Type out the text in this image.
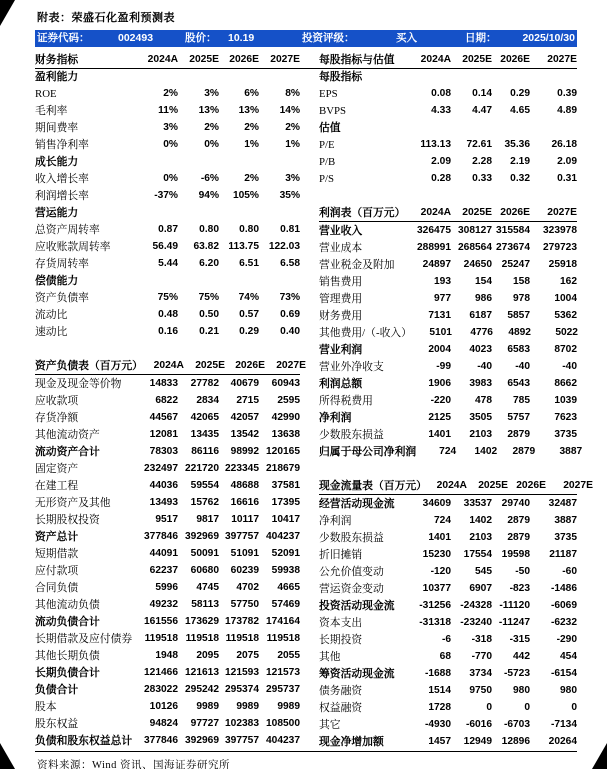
附表：荣盛石化盈利预测表
证券代码：	002493	股价： 10.19	投资评级：	买入	日期： 2025/10/30
财务指标	2024A	2025E 2026E	2027E
盈利能力
ROE	2%	3%	6%	8%
毛利率	11%	13%	13%	14%
期间费率	3%	2%	2%	2%
销售净利率	0%	0%	1%	1%
成长能力
收入增长率	0%	-6%	2%	3%
利润增长率	-37%	94%	105%	35%
营运能力
总资产周转率	0.87	0.80	0.80	0.81
应收账款周转率	56.49	63.82 113.75 122.03
存货周转率	5.44	6.20	6.51	6.58
偿债能力
资产负债率	75%	75%	74%	73%
流动比	0.48	0.50	0.57	0.69
速动比	0.16	0.21	0.29	0.40
资产负债表（百万元）	2024A	2025E 2026E	2027E
现金及现金等价物	14833	27782	40679	60943
应收款项	6822	2834	2715	2595
存货净额	44567	42065	42057	42990
其他流动资产	12081	13435	13542	13638
流动资产合计	78303	86116	98992 120165
固定资产	232497 221720 223345 218679
在建工程	44036	59554	48688	37581
无形资产及其他	13493	15762	16616	17395
长期股权投资	9517	9817	10117	10417
资产总计	377846 392969 397757 404237
短期借款	44091	50091	51091	52091
应付款项	62237	60680	60239	59938
合同负债	5996	4745	4702	4665
其他流动负债	49232	58113	57750	57469
流动负债合计	161556 173629 173782 174164
长期借款及应付债券	119518 119518 119518 119518
其他长期负债	1948	2095	2075	2055
长期负债合计	121466 121613 121593 121573
负债合计	283022 295242 295374 295737
股本	10126	9989	9989	9989
股东权益	94824	97727 102383 108500
负债和股东权益总计	377846 392969 397757 404237
每股指标与估值	2024A	2025E 2026E	2027E
每股指标
EPS	0.08	0.14	0.29	0.39
BVPS	4.33	4.47	4.65	4.89
估值
P/E	113.13	72.61	35.36	26.18
P/B	2.09	2.28	2.19	2.09
P/S	0.28	0.33	0.32	0.31
利润表（百万元）	2024A	2025E 2026E	2027E
营业收入	326475 308127 315584	323978
营业成本	288991 268564 273674	279723
营业税金及附加	24897	24650 25247	25918
销售费用	193	154	158	162
管理费用	977	986	978	1004
财务费用	7131	6187	5857	5362
其他费用/（-收入）	5101	4776	4892	5022
营业利润	2004	4023	6583	8702
营业外净收支	-99	-40	-40	-40
利润总额	1906	3983	6543	8662
所得税费用	-220	478	785	1039
净利润	2125	3505	5757	7623
少数股东损益	1401	2103	2879	3735
归属于母公司净利润	724	1402	2879	3887
现金流量表（百万元） 2024A	2025E 2026E	2027E
经营活动现金流	34609	33537 29740	32487
净利润	724	1402	2879	3887
少数股东损益	1401	2103	2879	3735
折旧摊销	15230	17554 19598	21187
公允价值变动	-120	545	-50	-60
营运资金变动	10377	6907	-823	-1486
投资活动现金流	-31256 -24328 -11120	-6069
资本支出	-31318 -23240 -11247	-6232
长期投资	-6	-318	-315	-290
其他	68	-770	442	454
筹资活动现金流	-1688	3734	-5723	-6154
债务融资	1514	9750	980	980
权益融资	1728	0	0	0
其它	-4930	-6016	-6703	-7134
现金净增加额	1457	12949 12896	20264
资料来源：Wind 资讯、国海证券研究所
